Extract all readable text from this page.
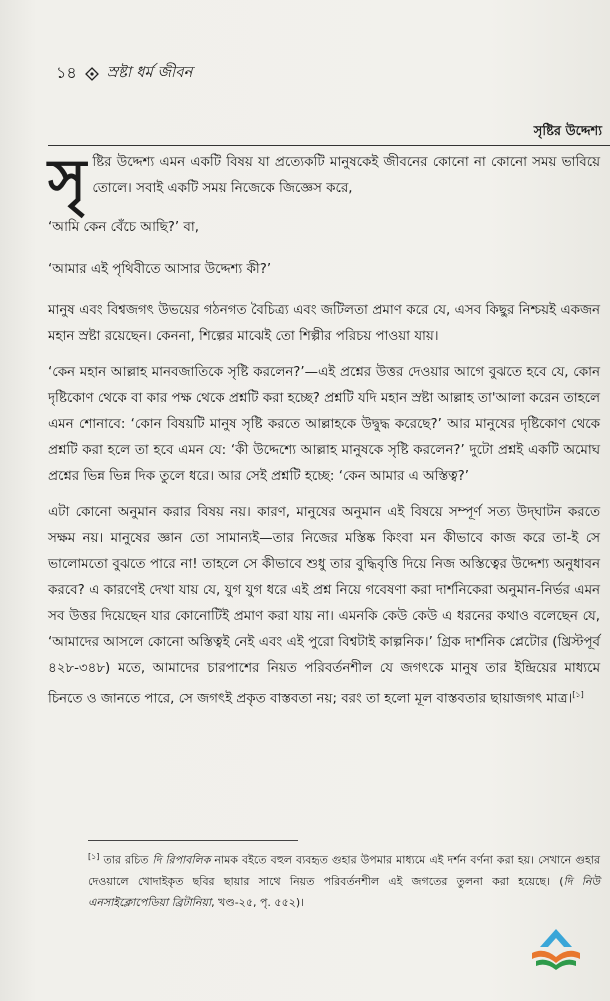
১৪ স্রষ্টা ধর্ম জীবন
সৃষ্টির উদ্দেশ্য

সৃ ষ্টির উদ্দেশ্য এমন একটি বিষয় যা প্রত্যেকটি মানুষকেই জীবনের কোনো না কোনো সময় ভাবিয়ে তোলে। সবাই একটি সময় নিজেকে জিজ্ঞেস করে,

‘আমি কেন বেঁচে আছি?’ বা,

‘আমার এই পৃথিবীতে আসার উদ্দেশ্য কী?’

মানুষ এবং বিশ্বজগৎ উভয়ের গঠনগত বৈচিত্র্য এবং জটিলতা প্রমাণ করে যে, এসব কিছুর নিশ্চয়ই একজন মহান স্রষ্টা রয়েছেন। কেননা, শিল্পের মাঝেই তো শিল্পীর পরিচয় পাওয়া যায়।

‘কেন মহান আল্লাহ মানবজাতিকে সৃষ্টি করলেন?’—এই প্রশ্নের উত্তর দেওয়ার আগে বুঝতে হবে যে, কোন দৃষ্টিকোণ থেকে বা কার পক্ষ থেকে প্রশ্নটি করা হচ্ছে? প্রশ্নটি যদি মহান স্রষ্টা আল্লাহ তা'আলা করেন তাহলে এমন শোনাবে: ‘কোন বিষয়টি মানুষ সৃষ্টি করতে আল্লাহকে উদ্বুদ্ধ করেছে?’ আর মানুষের দৃষ্টিকোণ থেকে প্রশ্নটি করা হলে তা হবে এমন যে: ‘কী উদ্দেশ্যে আল্লাহ মানুষকে সৃষ্টি করলেন?’ দুটো প্রশ্নই একটি অমোঘ প্রশ্নের ভিন্ন ভিন্ন দিক তুলে ধরে। আর সেই প্রশ্নটি হচ্ছে: ‘কেন আমার এ অস্তিত্ব?’

এটা কোনো অনুমান করার বিষয় নয়। কারণ, মানুষের অনুমান এই বিষয়ে সম্পূর্ণ সত্য উদ্‌ঘাটন করতে সক্ষম নয়। মানুষের জ্ঞান তো সামান্যই—তার নিজের মস্তিষ্ক কিংবা মন কীভাবে কাজ করে তা-ই সে ভালোমতো বুঝতে পারে না! তাহলে সে কীভাবে শুধু তার বুদ্ধিবৃত্তি দিয়ে নিজ অস্তিত্বের উদ্দেশ্য অনুধাবন করবে? এ কারণেই দেখা যায় যে, যুগ যুগ ধরে এই প্রশ্ন নিয়ে গবেষণা করা দার্শনিকেরা অনুমান-নির্ভর এমন সব উত্তর দিয়েছেন যার কোনোটিই প্রমাণ করা যায় না। এমনকি কেউ কেউ এ ধরনের কথাও বলেছেন যে, ‘আমাদের আসলে কোনো অস্তিত্বই নেই এবং এই পুরো বিশ্বটাই কাল্পনিক।’ গ্রিক দার্শনিক প্লেটোর (খ্রিস্টপূর্ব ৪২৮-৩৪৮) মতে, আমাদের চারপাশের নিয়ত পরিবর্তনশীল যে জগৎকে মানুষ তার ইন্দ্রিয়ের মাধ্যমে চিনতে ও জানতে পারে, সে জগৎই প্রকৃত বাস্তবতা নয়; বরং তা হলো মূল বাস্তবতার ছায়াজগৎ মাত্র।[১]

[১] তার রচিত দি রিপাবলিক নামক বইতে বহুল ব্যবহৃত গুহার উপমার মাধ্যমে এই দর্শন বর্ণনা করা হয়। সেখানে গুহার দেওয়ালে খোদাইকৃত ছবির ছায়ার সাথে নিয়ত পরিবর্তনশীল এই জগতের তুলনা করা হয়েছে। (দি নিউ এনসাইক্লোপেডিয়া ব্রিটানিয়া, খণ্ড-২৫, পৃ. ৫৫২)।
